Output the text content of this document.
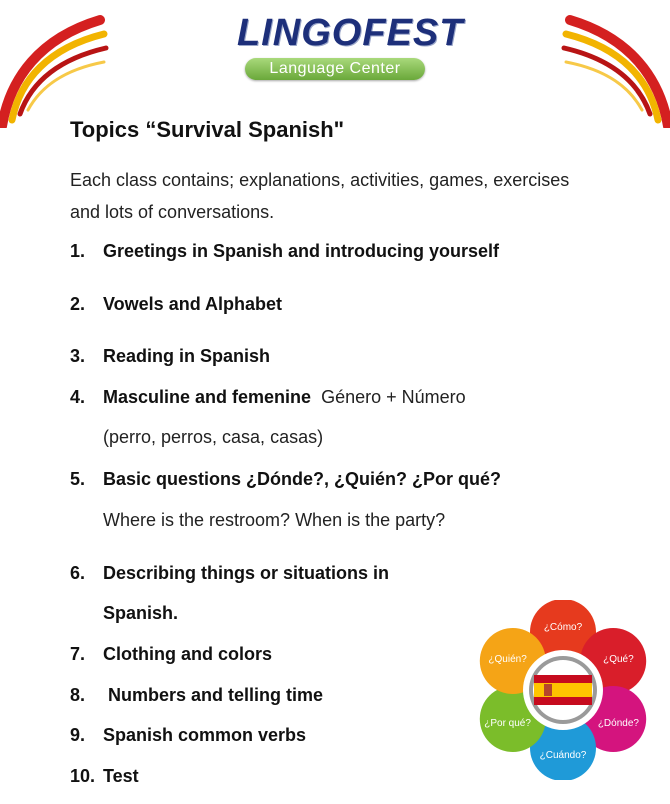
LINGOFEST
Language Center
Topics “Survival Spanish"

Each class contains; explanations, activities, games, exercises and lots of conversations.

1. Greetings in Spanish and introducing yourself
2. Vowels and Alphabet
3. Reading in Spanish
4. Masculine and femenine Género + Número
(perro, perros, casa, casas)
5. Basic questions ¿Dónde?, ¿Quién? ¿Por qué?
Where is the restroom? When is the party?
6. Describing things or situations in
Spanish.
7. Clothing and colors
8. Numbers and telling time
9. Spanish common verbs
10. Test
¿Cómo?
¿Qué?
¿Dónde?
¿Cuándo?
¿Por qué?
¿Quién?
